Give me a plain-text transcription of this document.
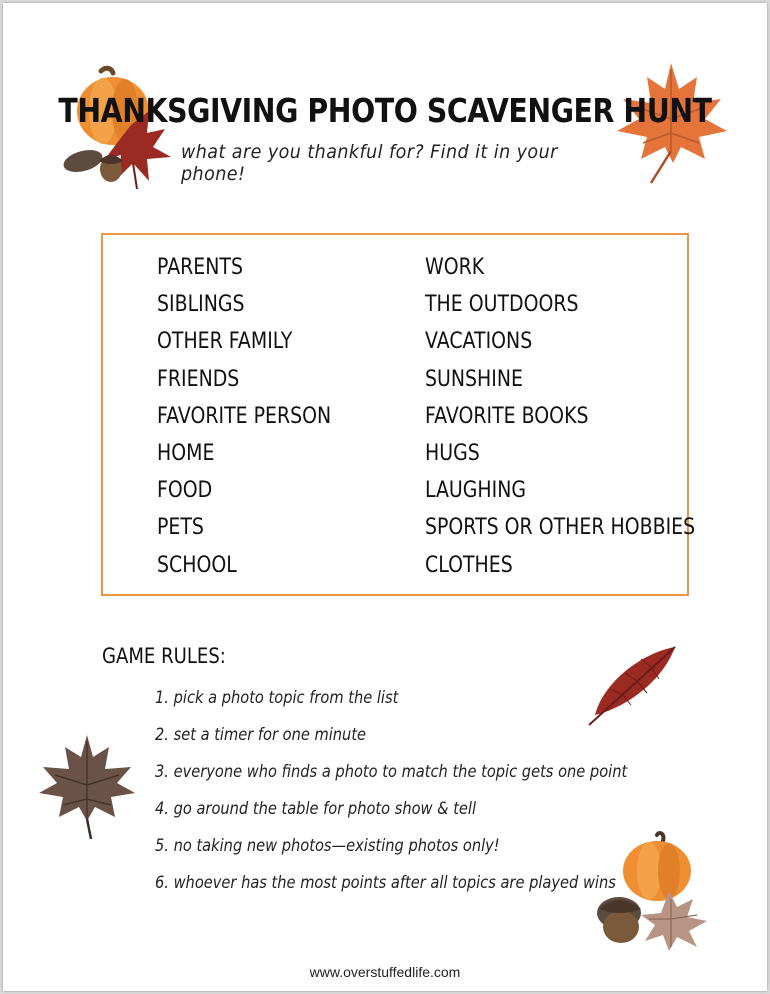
THANKSGIVING PHOTO SCAVENGER HUNT
what are you thankful for? Find it in your phone!
PARENTS
SIBLINGS
OTHER FAMILY
FRIENDS
FAVORITE PERSON
HOME
FOOD
PETS
SCHOOL
WORK
THE OUTDOORS
VACATIONS
SUNSHINE
FAVORITE BOOKS
HUGS
LAUGHING
SPORTS OR OTHER HOBBIES
CLOTHES
GAME RULES:
1. pick a photo topic from the list
2. set a timer for one minute
3. everyone who finds a photo to match the topic gets one point
4. go around the table for photo show & tell
5. no taking new photos—existing photos only!
6. whoever has the most points after all topics are played wins
www.overstuffedlife.com
